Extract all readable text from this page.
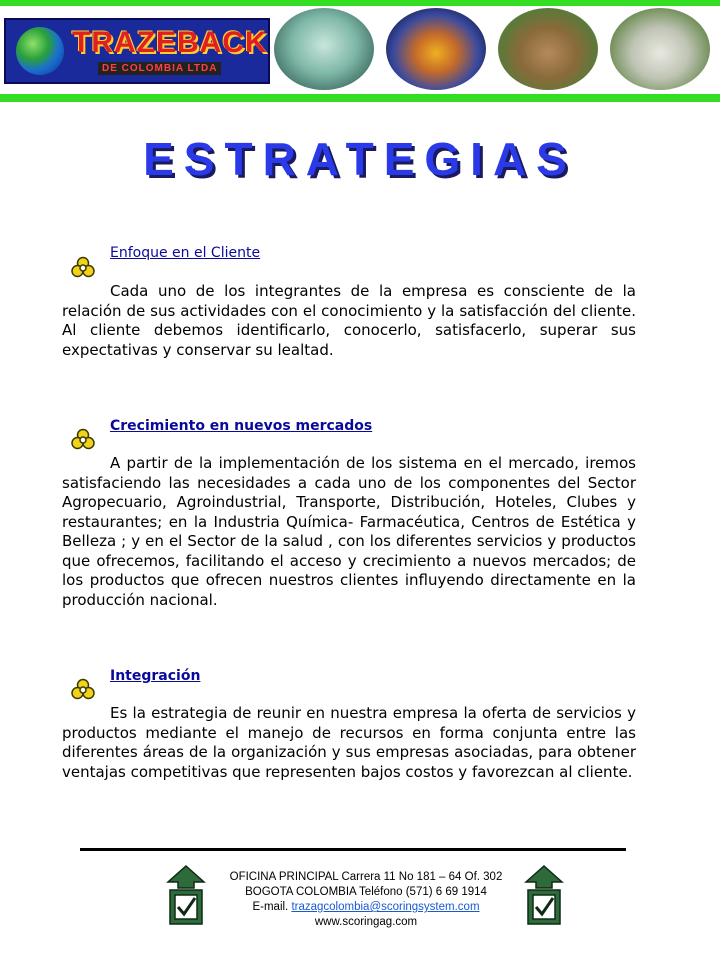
TRAZEBACK
DE COLOMBIA LTDA
ESTRATEGIAS
Enfoque en el Cliente

Cada uno de los integrantes de la empresa es consciente de la relación de sus actividades con el conocimiento y la satisfacción del cliente. Al cliente debemos identificarlo, conocerlo, satisfacerlo, superar sus expectativas y conservar su lealtad.

Crecimiento en nuevos mercados

A partir de la implementación de los sistema en el mercado, iremos satisfaciendo las necesidades a cada uno de los componentes del Sector Agropecuario, Agroindustrial, Transporte, Distribución, Hoteles, Clubes y restaurantes; en la Industria Química- Farmacéutica, Centros de Estética y Belleza ; y en el Sector de la salud , con los diferentes servicios y productos que ofrecemos, facilitando el acceso y crecimiento a nuevos mercados; de los productos que ofrecen nuestros clientes influyendo directamente en la producción nacional.

Integración

Es la estrategia de reunir en nuestra empresa la oferta de servicios y productos mediante el manejo de recursos en forma conjunta entre las diferentes áreas de la organización y sus empresas asociadas, para obtener ventajas competitivas que representen bajos costos y favorezcan al cliente.

OFICINA PRINCIPAL Carrera 11 No 181 – 64 Of. 302
BOGOTA COLOMBIA Teléfono (571) 6 69 1914
E-mail. trazagcolombia@scoringsystem.com
www.scoringag.com
